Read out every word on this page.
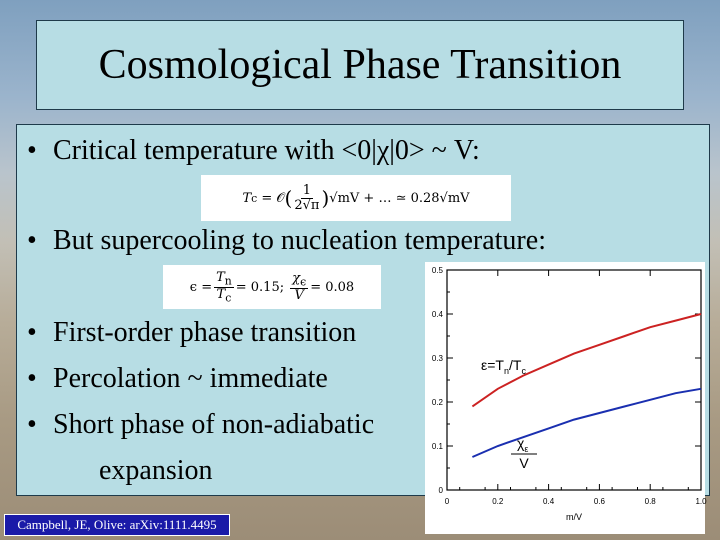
Cosmological Phase Transition
• Critical temperature with <0|χ|0> ~ V:
T c
= 𝒪 ( $\frac{1}{2√\pi}$ ) √mV + … ≃ 0.28√mV
• But supercooling to nucleation temperature:
$\epsilon = \frac{T_n}{T_c} = 0.15$;
$\frac{\chi_\epsilon}{V} = 0.08$
• First-order phase transition
• Percolation ~ immediate
• Short phase of non-adiabatic
expansion
0	0.2	0.4	0.6	0.8	1.0
0
0.1
0.2
0.3
0.4
0.5
$\varepsilon=T_n/T_c$
$\chi_\varepsilon$
V
m/V
Campbell, JE, Olive: arXiv:1111.4495
